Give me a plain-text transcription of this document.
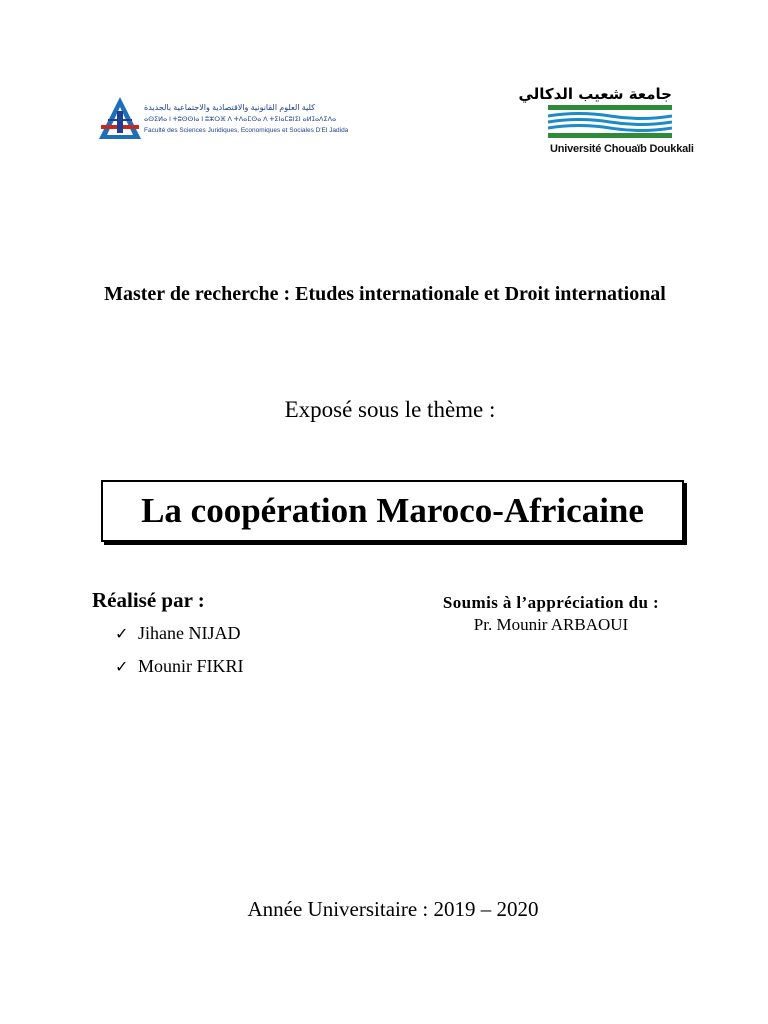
كلية العلوم القانونية والاقتصادية والاجتماعية بالجديدة
ⴰⵙⵉⵍⴰ ⵏ ⵜⵓⵙⵙⵏⴰ ⵏ ⵓⵣⵔⴼ ⴷ ⵜⴷⴰⵎⵙⴰ ⴷ ⵜⵉⵏⴰⵎⵓⵏⵉⵏ ⴰⵍⵊⴰⴷⵉⴷⴰ
Faculté des Sciences Juridiques, Economiques et Sociales D'El Jadida
جامعة شعيب الدكالي
Université Chouaïb Doukkali
Master de recherche : Etudes internationale et Droit international
Exposé sous le thème :
La coopération Maroco-Africaine
Réalisé par :
✓ Jihane NIJAD
✓ Mounir FIKRI
Soumis à l’appréciation du :
Pr. Mounir ARBAOUI
Année Universitaire : 2019 – 2020
